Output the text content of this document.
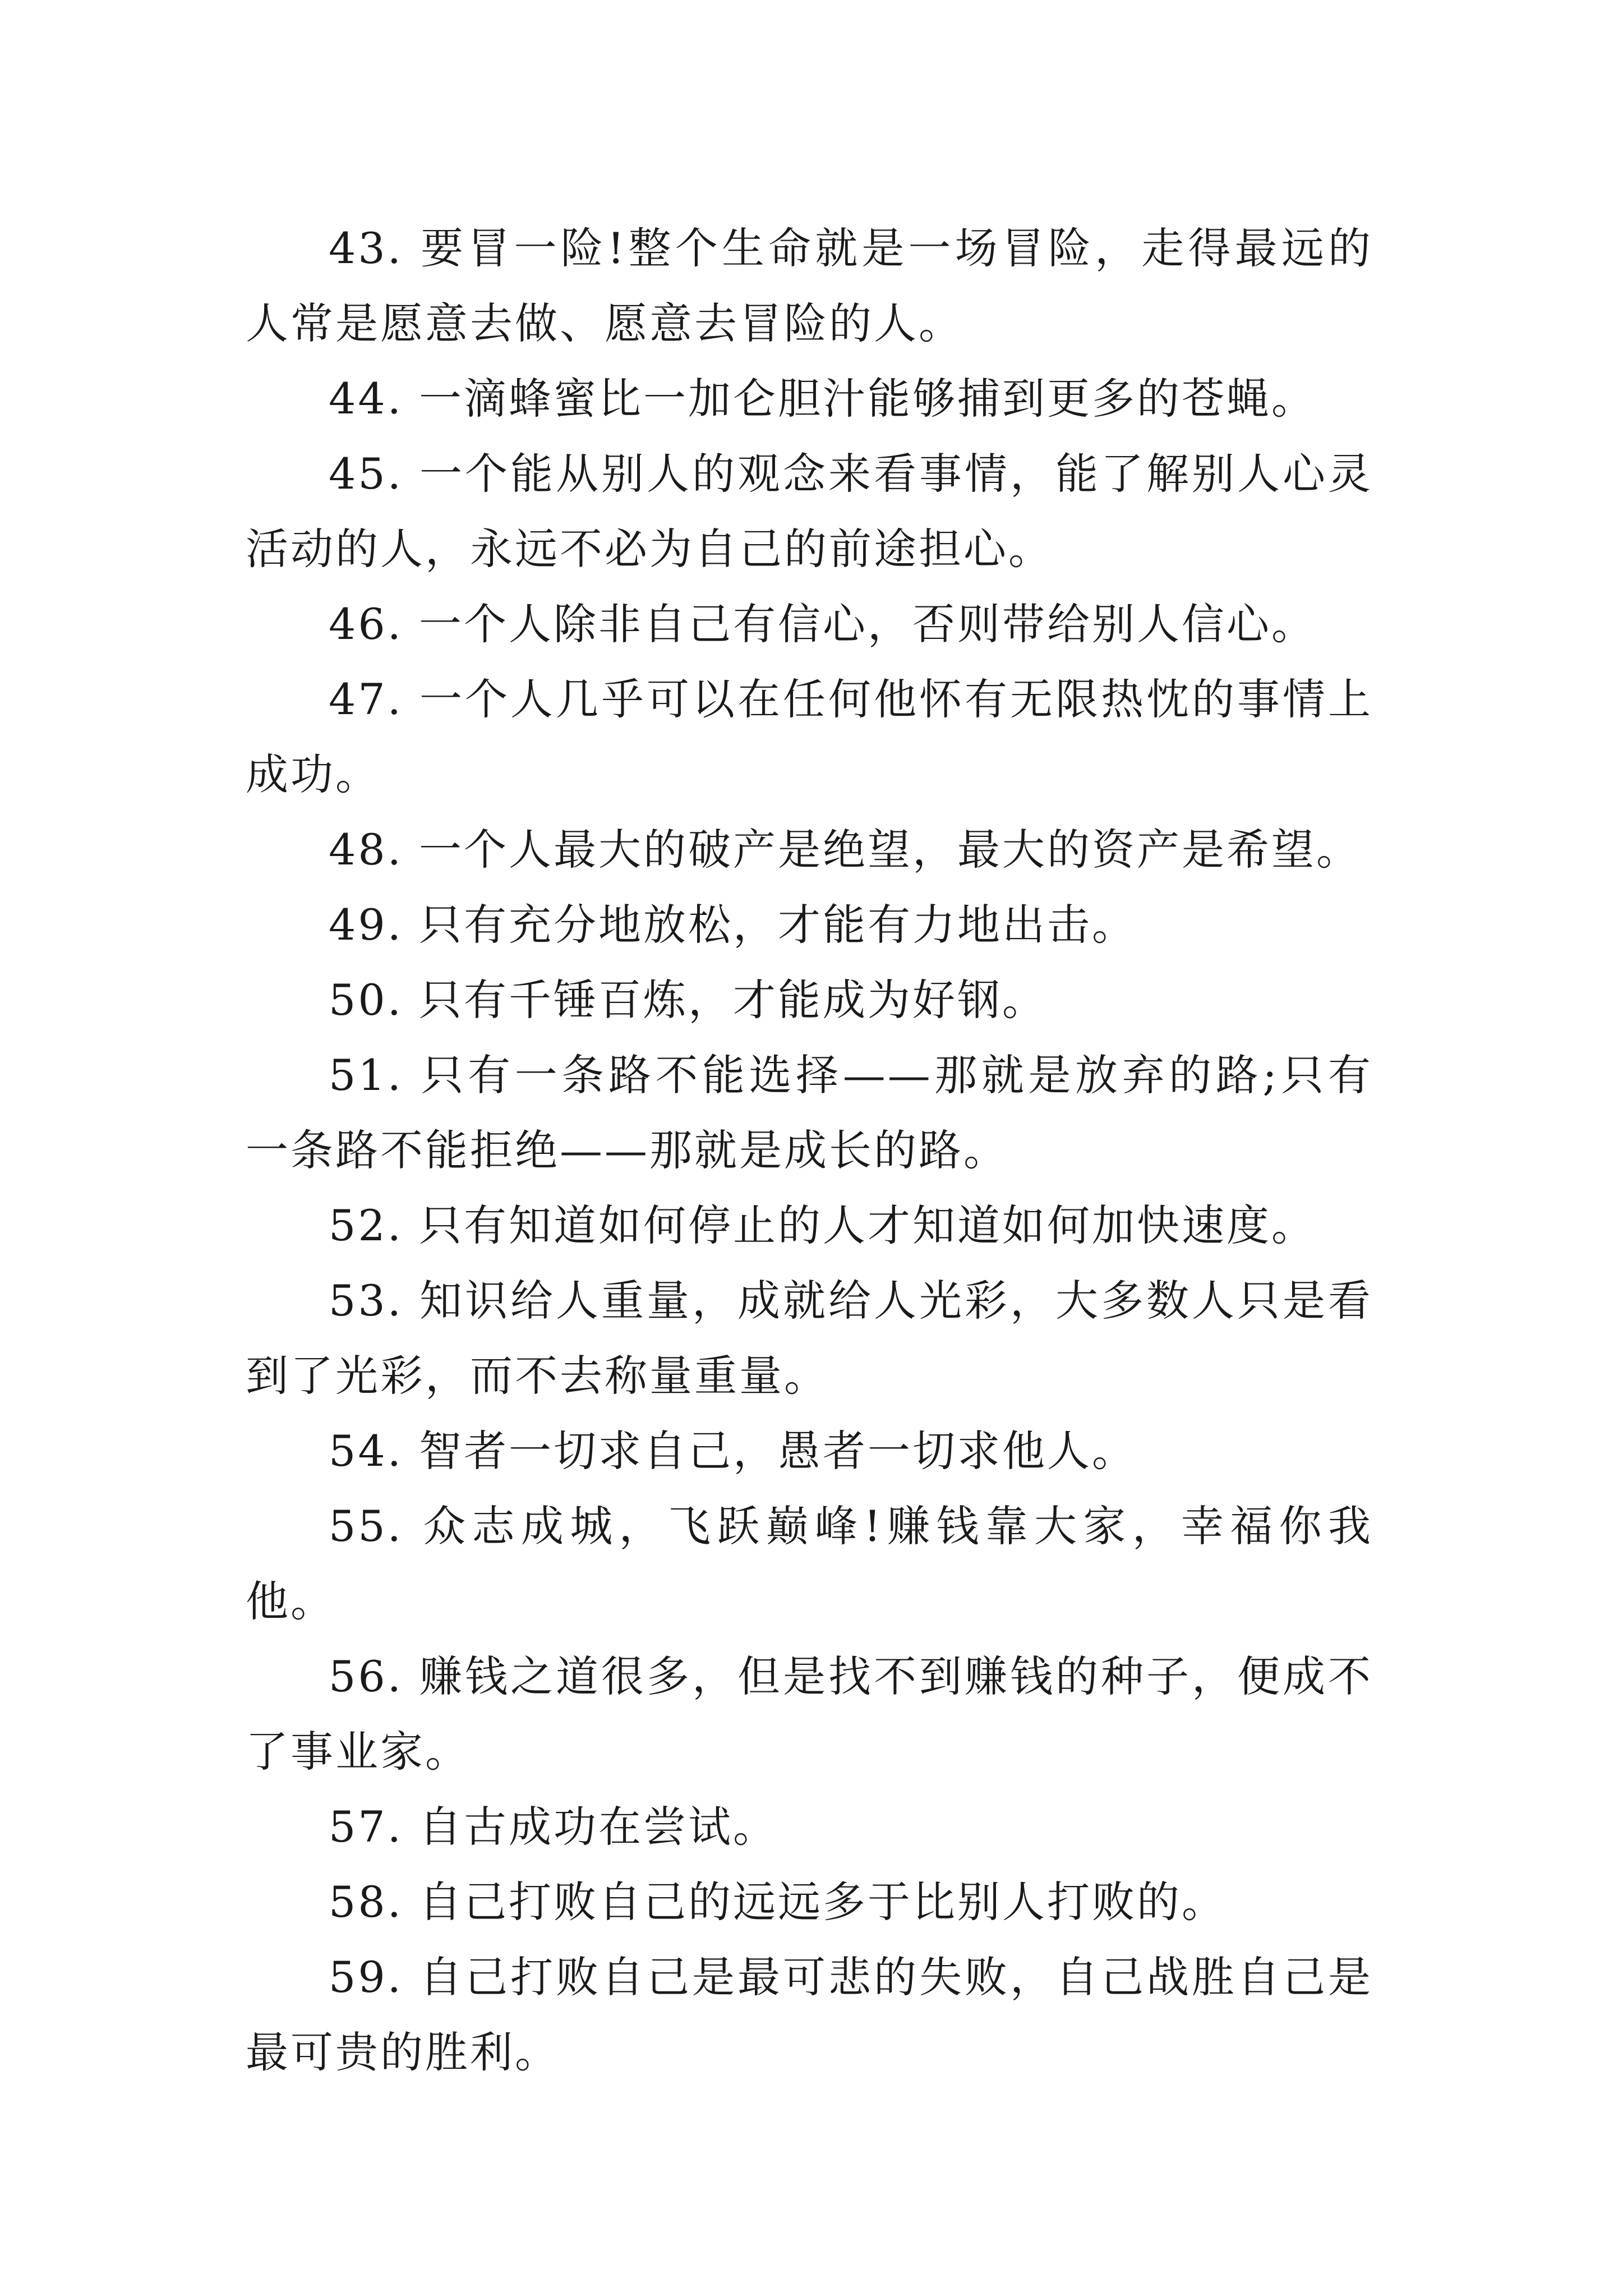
43. 要冒一险!整个生命就是一场冒险，走得最远的人常是愿意去做、愿意去冒险的人。

44. 一滴蜂蜜比一加仑胆汁能够捕到更多的苍蝇。

45. 一个能从别人的观念来看事情，能了解别人心灵活动的人，永远不必为自己的前途担心。

46. 一个人除非自己有信心，否则带给别人信心。

47. 一个人几乎可以在任何他怀有无限热忱的事情上成功。

48. 一个人最大的破产是绝望，最大的资产是希望。

49. 只有充分地放松，才能有力地出击。

50. 只有千锤百炼，才能成为好钢。

51. 只有一条路不能选择——那就是放弃的路;只有一条路不能拒绝——那就是成长的路。

52. 只有知道如何停止的人才知道如何加快速度。

53. 知识给人重量，成就给人光彩，大多数人只是看到了光彩，而不去称量重量。

54. 智者一切求自己，愚者一切求他人。

55. 众志成城，飞跃巅峰!赚钱靠大家，幸福你我他。

56. 赚钱之道很多，但是找不到赚钱的种子，便成不了事业家。

57. 自古成功在尝试。

58. 自己打败自己的远远多于比别人打败的。

59. 自己打败自己是最可悲的失败，自己战胜自己是最可贵的胜利。
